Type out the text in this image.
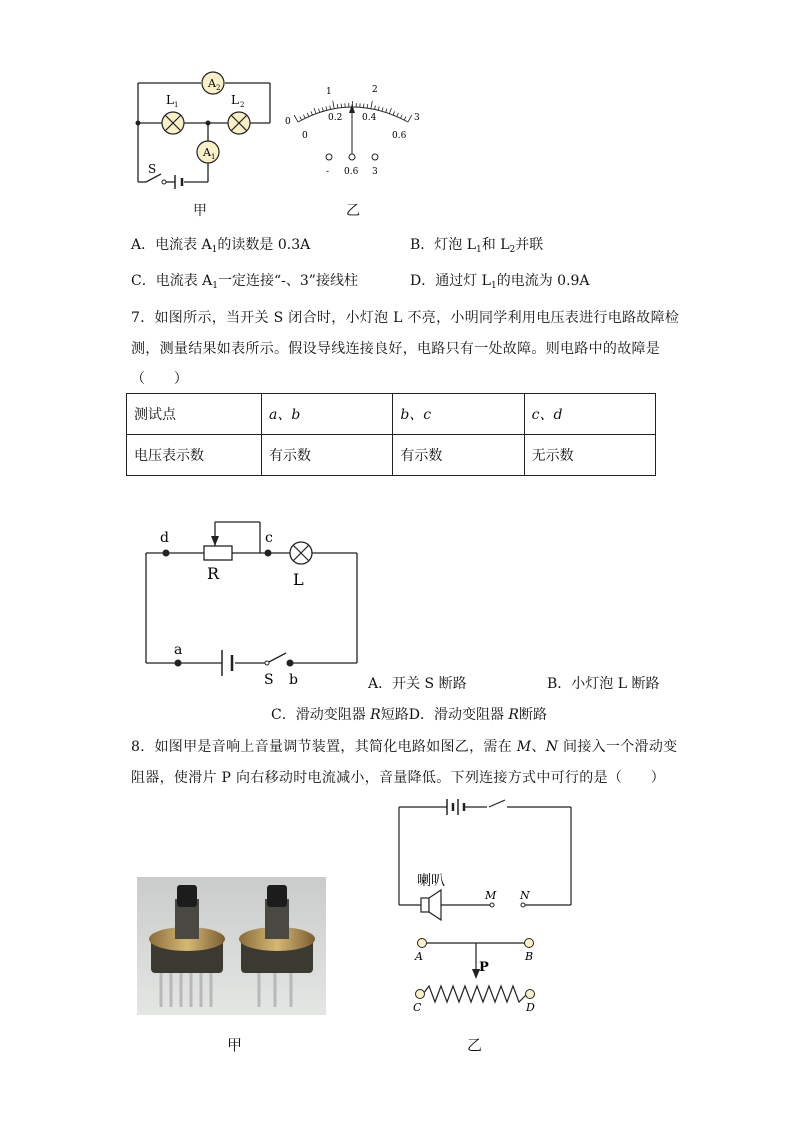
A 2
A 1
L 1	L 2
S
0
1	2
3
0
0.2 0.4
0.6
- 0.6 3
甲	乙
A．电流表 $A_1$的读数是 0.3A	B．灯泡 $L_1$和 $L_2$并联
C．电流表 $A_1$一定连接“-、3”接线柱	D．通过灯 $L_1$的电流为 0.9A
7．如图所示，当开关 S 闭合时，小灯泡 L 不亮，小明同学利用电压表进行电路故障检
测，测量结果如表所示。假设导线连接良好，电路只有一处故障。则电路中的故障是
（　　）
测试点	a、b	b、c	c、d
电压表示数	有示数	有示数	无示数
d	c
R	L
a
S b	A．开关 S 断路	B．小灯泡 L 断路
C．滑动变阻器 R短路D．滑动变阻器 R断路
8．如图甲是音响上音量调节装置，其简化电路如图乙，需在 M、N 间接入一个滑动变
阻器，使滑片 P 向右移动时电流减小，音量降低。下列连接方式中可行的是（　　）
喇叭
M N
A	B
P
C	D
甲	乙
